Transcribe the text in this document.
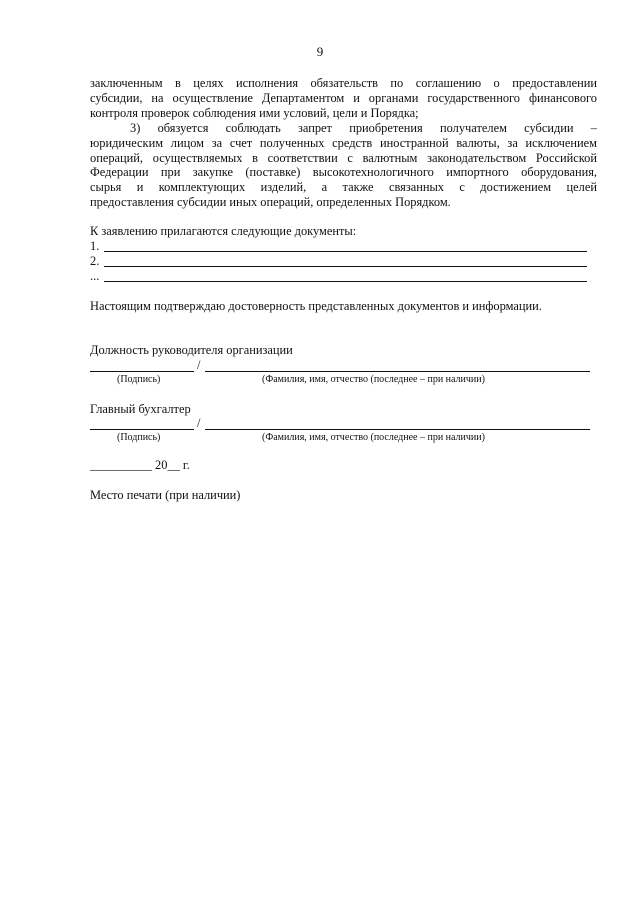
9
заключенным в целях исполнения обязательств по соглашению о предоставлении
субсидии, на осуществление Департаментом и органами государственного финансового
контроля проверок соблюдения ими условий, цели и Порядка;
3) обязуется соблюдать запрет приобретения получателем субсидии –
юридическим лицом за счет полученных средств иностранной валюты, за исключением
операций, осуществляемых в соответствии с валютным законодательством Российской
Федерации при закупке (поставке) высокотехнологичного импортного оборудования,
сырья и комплектующих изделий, а также связанных с достижением целей
предоставления субсидии иных операций, определенных Порядком.
К заявлению прилагаются следующие документы:
1.
2.
...
Настоящим подтверждаю достоверность представленных документов и информации.
Должность руководителя организации
/
(Подпись)	(Фамилия, имя, отчество (последнее – при наличии)
Главный бухгалтер
/
(Подпись)	(Фамилия, имя, отчество (последнее – при наличии)
__________ 20__ г.
Место печати (при наличии)
